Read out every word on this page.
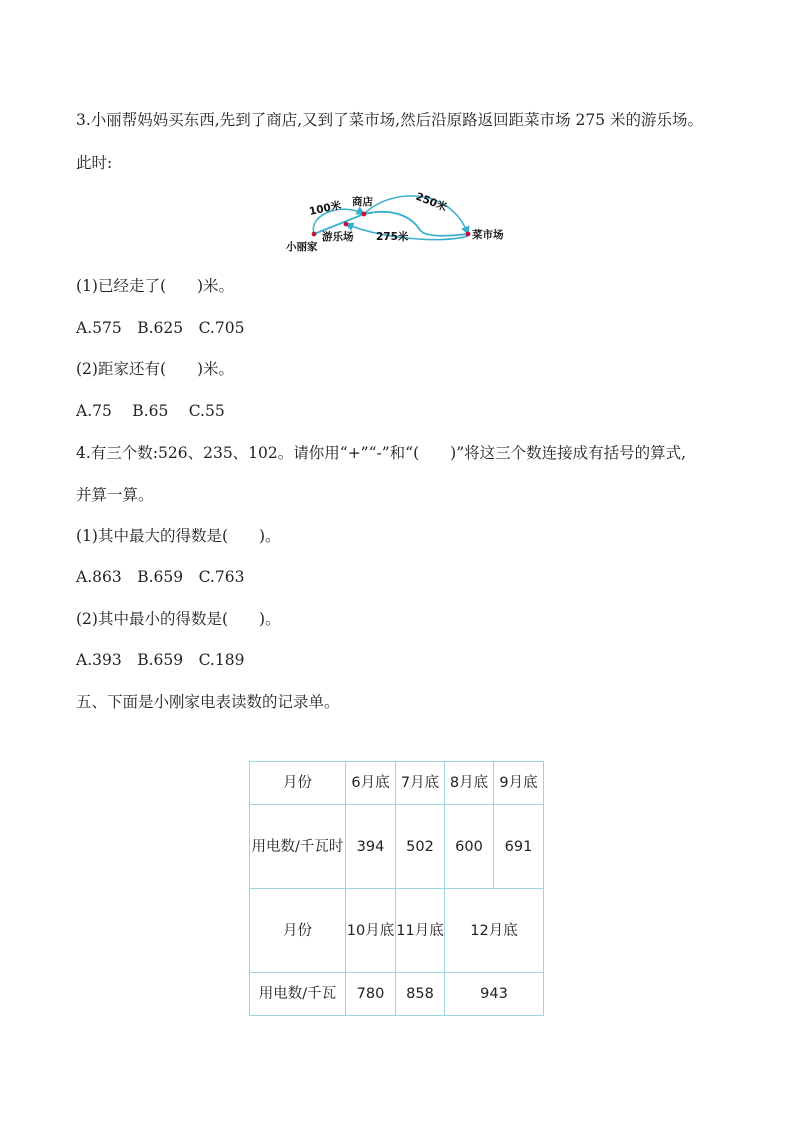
3.小丽帮妈妈买东西,先到了商店,又到了菜市场,然后沿原路返回距菜市场 275 米的游乐场。
此时:
100米 商店	250米
小丽家
游乐场 275米	菜市场
(1)已经走了(　　)米。
A.575　B.625　C.705
(2)距家还有(　　)米。
A.75　 B.65　 C.55
4.有三个数:526、235、102。请你用“+”“-”和“(　　)”将这三个数连接成有括号的算式,
并算一算。
(1)其中最大的得数是(　　)。
A.863　B.659　C.763
(2)其中最小的得数是(　　)。
A.393　B.659　C.189
五、下面是小刚家电表读数的记录单。
月份	6月底	7月底	8月底	9月底
用电数/千瓦时	394	502	600	691
月份	10月底	11月底	12月底	
用电数/千瓦	780	858	943	
